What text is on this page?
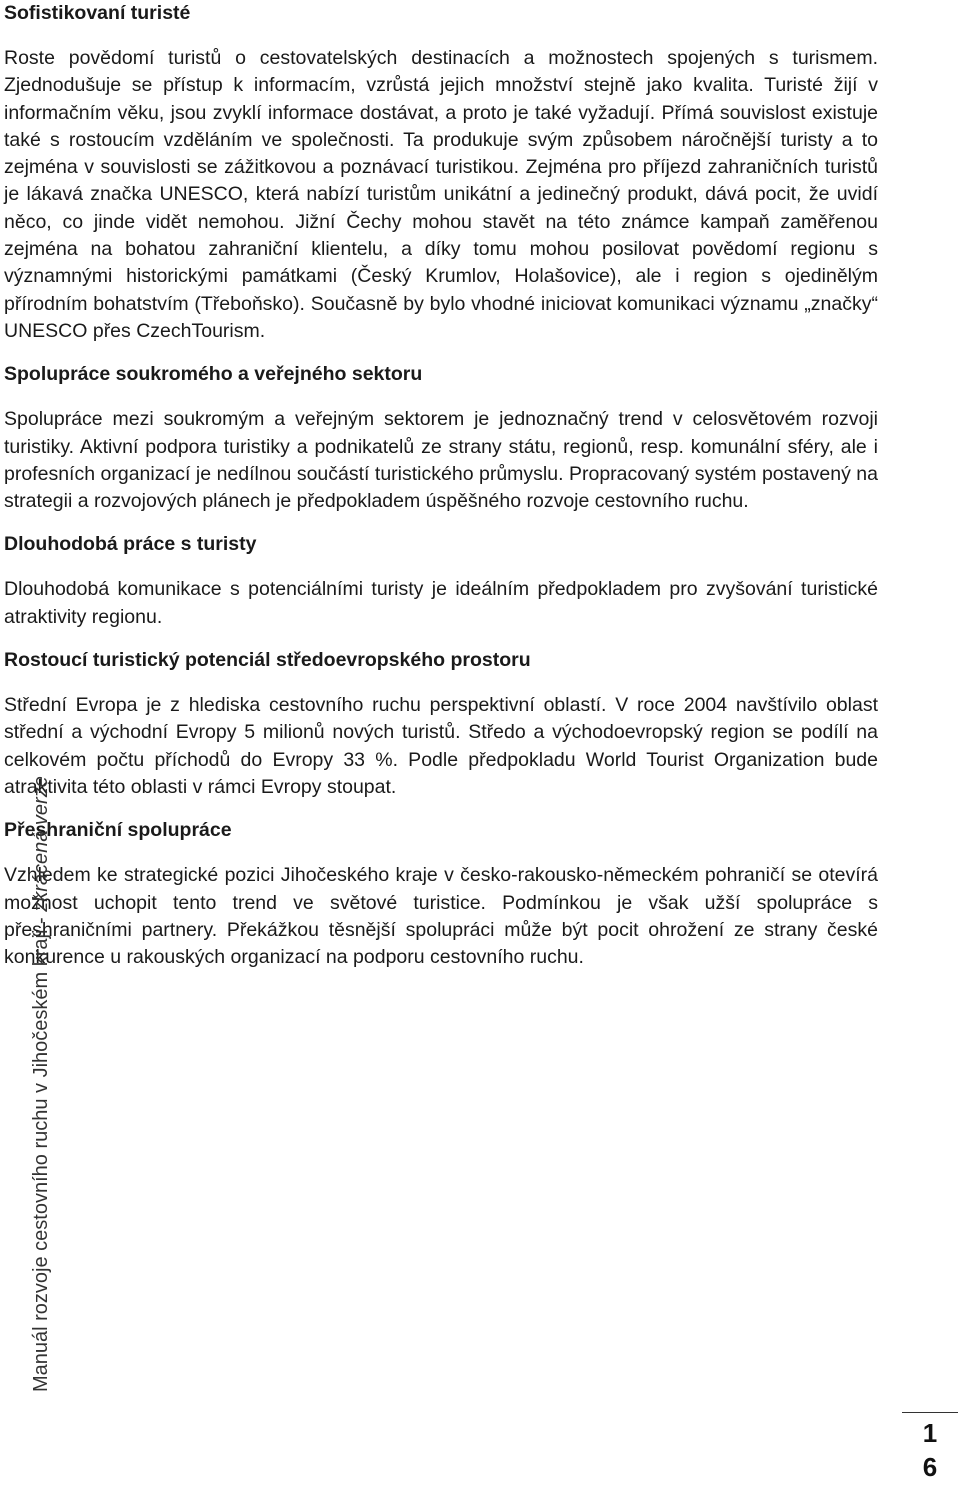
Sofistikovaní turisté

Roste povědomí turistů o cestovatelských destinacích a možnostech spojených s turismem. Zjednodušuje se přístup k informacím, vzrůstá jejich množství stejně jako kvalita. Turisté žijí v informačním věku, jsou zvyklí informace dostávat, a proto je také vyžadují. Přímá souvislost existuje také s rostoucím vzděláním ve společnosti. Ta produkuje svým způsobem náročnější turisty a to zejména v souvislosti se zážitkovou a poznávací turistikou. Zejména pro příjezd zahraničních turistů je lákavá značka UNESCO, která nabízí turistům unikátní a jedinečný produkt, dává pocit, že uvidí něco, co jinde vidět nemohou. Jižní Čechy mohou stavět na této známce kampaň zaměřenou zejména na bohatou zahraniční klientelu, a díky tomu mohou posilovat povědomí regionu s významnými historickými památkami (Český Krumlov, Holašovice), ale i region s ojedinělým přírodním bohatstvím (Třeboňsko). Současně by bylo vhodné iniciovat komunikaci významu „značky“ UNESCO přes CzechTourism.

Spolupráce soukromého a veřejného sektoru

Spolupráce mezi soukromým a veřejným sektorem je jednoznačný trend v celosvětovém rozvoji turistiky. Aktivní podpora turistiky a podnikatelů ze strany státu, regionů, resp. komunální sféry, ale i profesních organizací je nedílnou součástí turistického průmyslu. Propracovaný systém postavený na strategii a rozvojových plánech je předpokladem úspěšného rozvoje cestovního ruchu.

Dlouhodobá práce s turisty

Dlouhodobá komunikace s potenciálními turisty je ideálním předpokladem pro zvyšování turistické atraktivity regionu.

Rostoucí turistický potenciál středoevropského prostoru

Střední Evropa je z hlediska cestovního ruchu perspektivní oblastí. V roce 2004 navštívilo oblast střední a východní Evropy 5 milionů nových turistů. Středo a východoevropský region se podílí na celkovém počtu příchodů do Evropy 33 %. Podle předpokladu World Tourist Organization bude atraktivita této oblasti v rámci Evropy stoupat.

Přeshraniční spolupráce

Vzhledem ke strategické pozici Jihočeského kraje v česko-rakousko-německém pohraničí se otevírá možnost uchopit tento trend ve světové turistice. Podmínkou je však užší spolupráce s přeshraničními partnery. Překážkou těsnější spolupráci může být pocit ohrožení ze strany české konkurence u rakouských organizací na podporu cestovního ruchu.

Manuál rozvoje cestovního ruchu v Jihočeském kraji - zkrácená verze
1
6
